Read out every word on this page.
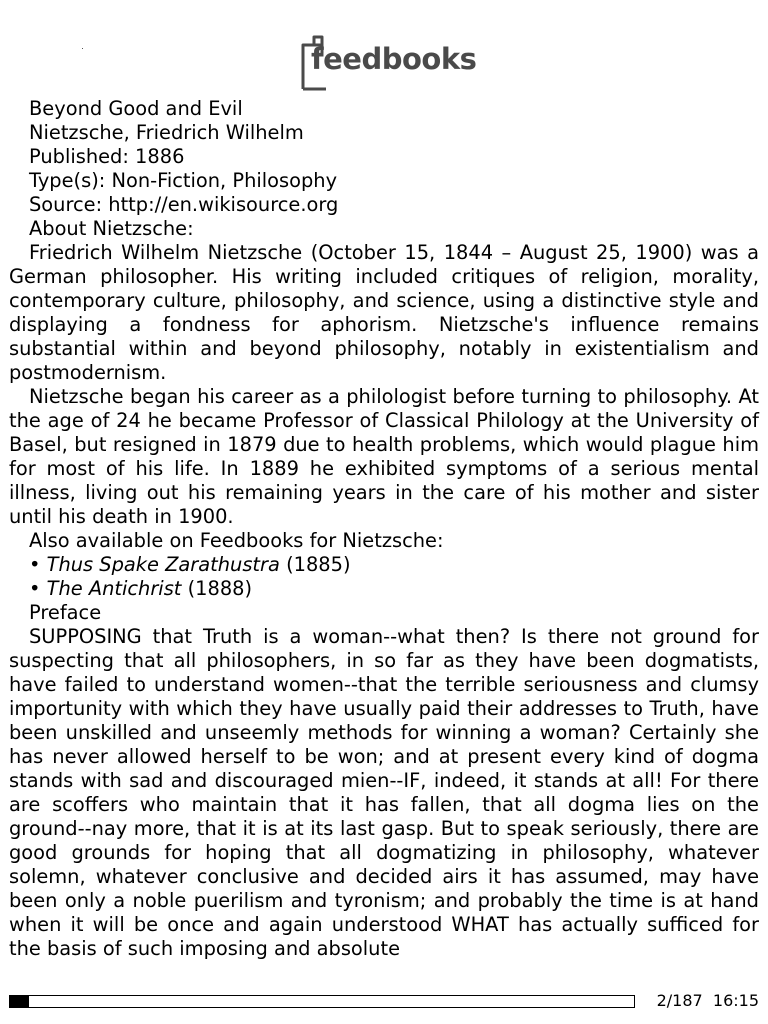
feedbooks

Beyond Good and Evil

Nietzsche, Friedrich Wilhelm

Published: 1886

Type(s): Non-Fiction, Philosophy

Source: http://en.wikisource.org

About Nietzsche:

Friedrich Wilhelm Nietzsche (October 15, 1844 – August 25, 1900) was a German philosopher. His writing included critiques of religion, morality, contemporary culture, philosophy, and science, using a distinctive style and displaying a fondness for aphorism. Nietzsche's influence remains substantial within and beyond philosophy, notably in existentialism and postmodernism.

Nietzsche began his career as a philologist before turning to philosophy. At the age of 24 he became Professor of Classical Philology at the University of Basel, but resigned in 1879 due to health problems, which would plague him for most of his life. In 1889 he exhibited symptoms of a serious mental illness, living out his remaining years in the care of his mother and sister until his death in 1900.

Also available on Feedbooks for Nietzsche:

• Thus Spake Zarathustra (1885)

• The Antichrist (1888)

Preface

SUPPOSING that Truth is a woman--what then? Is there not ground for suspecting that all philosophers, in so far as they have been dogmatists, have failed to understand women--that the terrible seriousness and clumsy importunity with which they have usually paid their addresses to Truth, have been unskilled and unseemly methods for winning a woman? Certainly she has never allowed herself to be won; and at present every kind of dogma stands with sad and discouraged mien--IF, indeed, it stands at all! For there are scoffers who maintain that it has fallen, that all dogma lies on the ground--nay more, that it is at its last gasp. But to speak seriously, there are good grounds for hoping that all dogmatizing in philosophy, whatever solemn, whatever conclusive and decided airs it has assumed, may have been only a noble puerilism and tyronism; and probably the time is at hand when it will be once and again understood WHAT has actually sufficed for the basis of such imposing and absolute

2/187 16:15
